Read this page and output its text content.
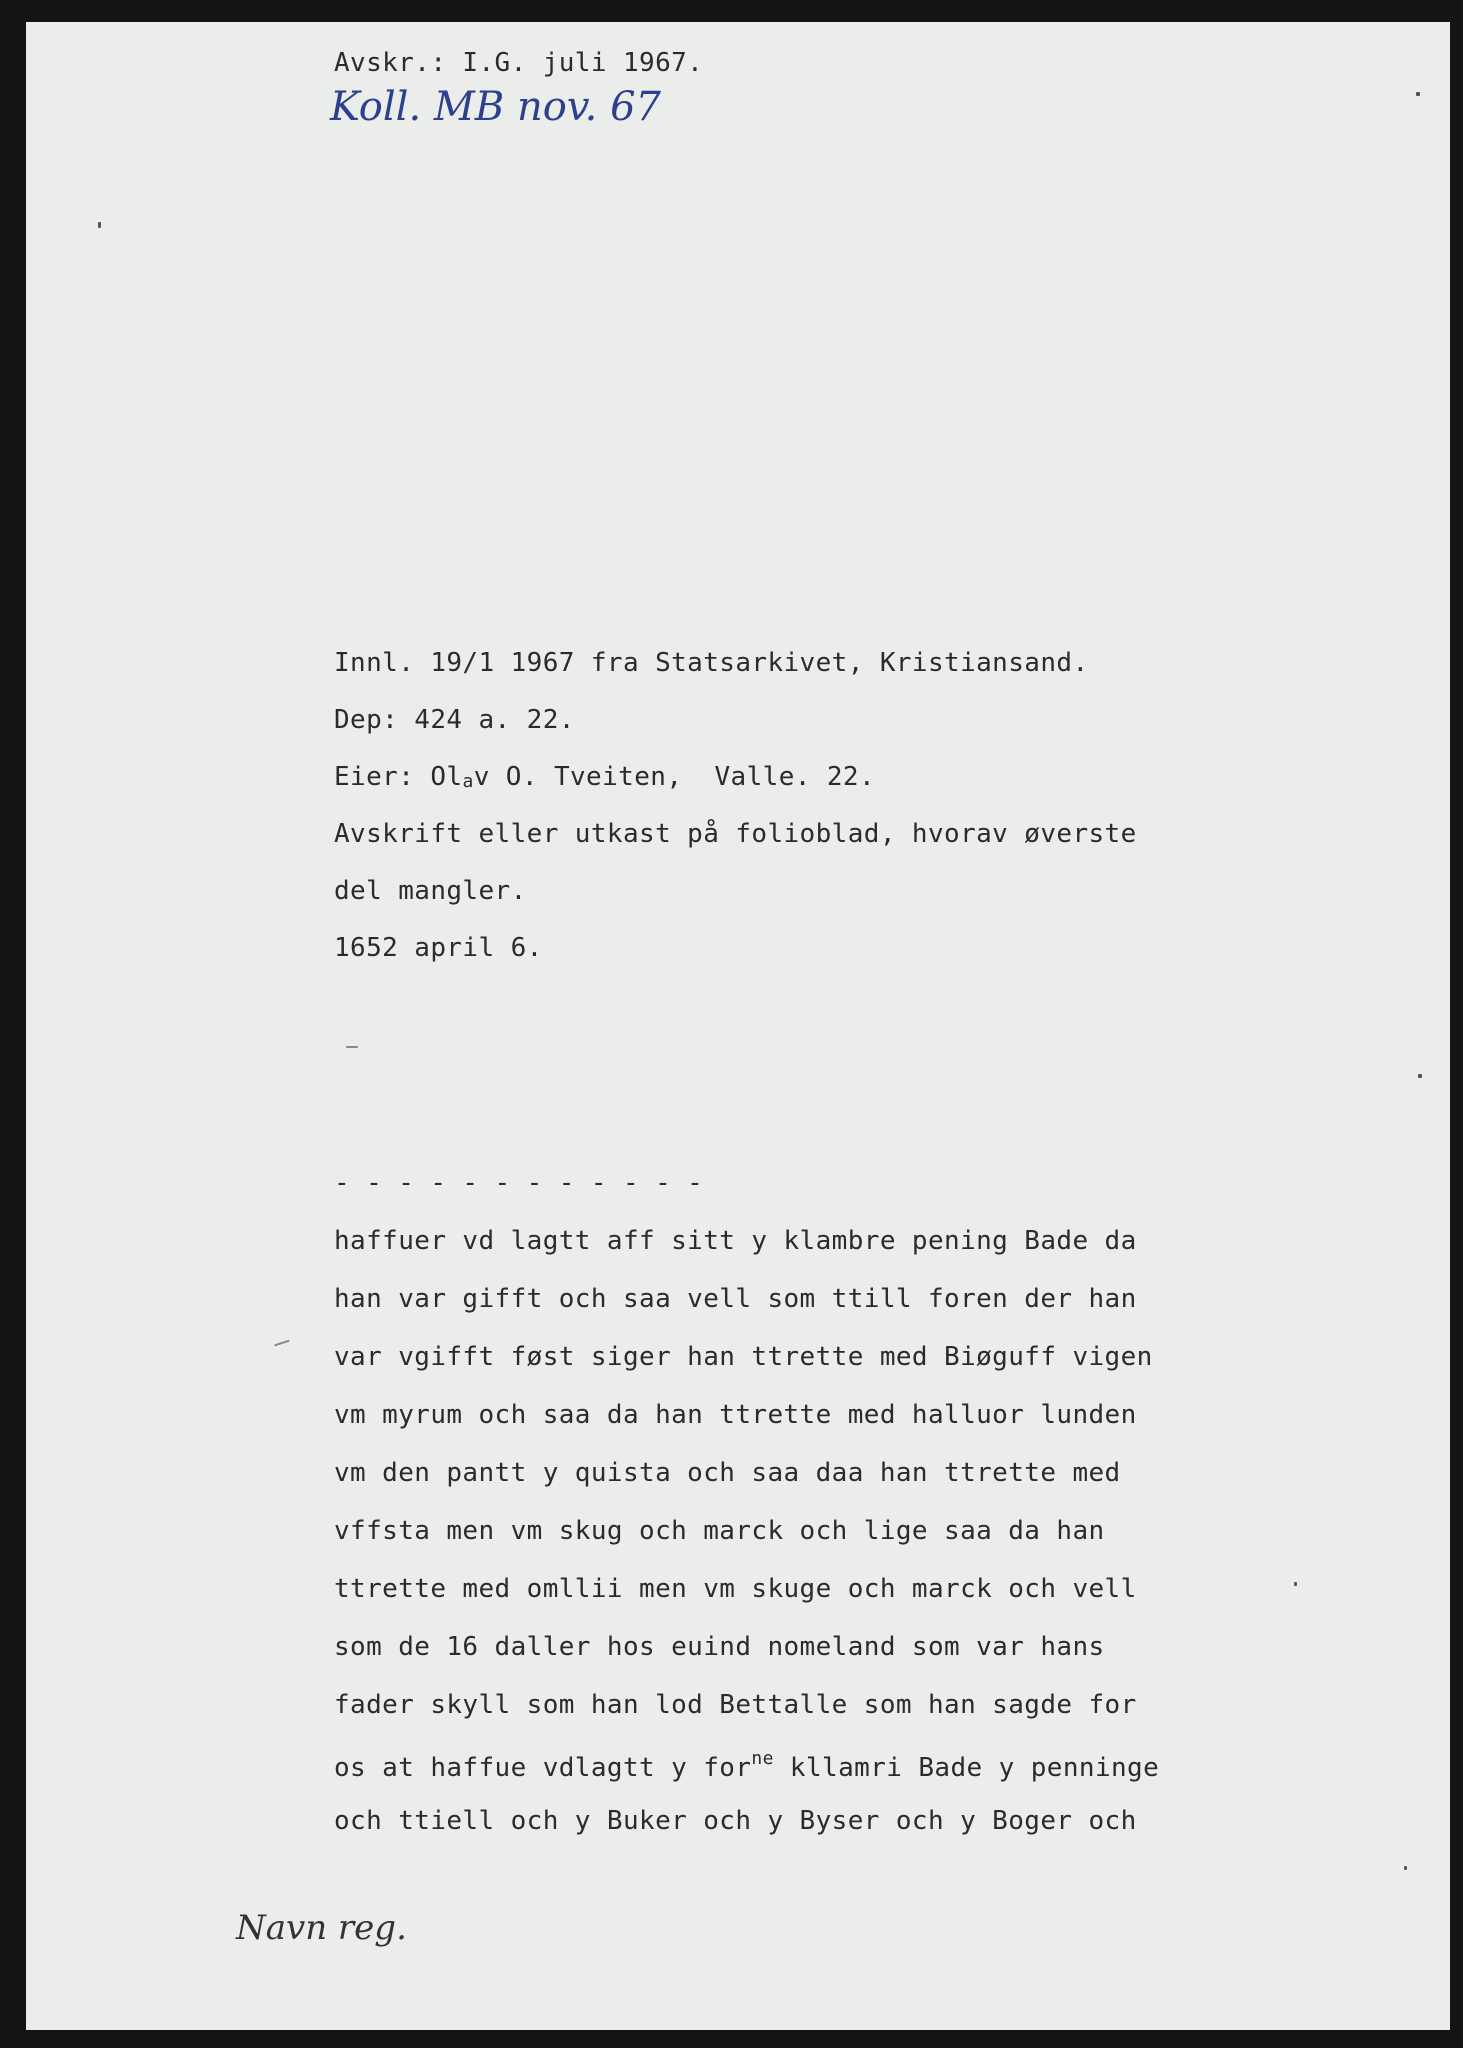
Avskr.: I.G. juli 1967.
Koll. MB nov. 67
Innl. 19/1 1967 fra Statsarkivet, Kristiansand.
Dep: 424 a. 22.
Eier: Olav O. Tveiten,  Valle. 22.
Avskrift eller utkast på folioblad, hvorav øverste
del mangler.
1652 april 6.
- - - - - - - - - - - -
haffuer vd lagtt aff sitt y klambre pening Bade da
han var gifft och saa vell som ttill foren der han
var vgifft føst siger han ttrette med Biøguff vigen
vm myrum och saa da han ttrette med halluor lunden
vm den pantt y quista och saa daa han ttrette med
vffsta men vm skug och marck och lige saa da han
ttrette med omllii men vm skuge och marck och vell
som de 16 daller hos euind nomeland som var hans
fader skyll som han lod Bettalle som han sagde for
os at haffue vdlagtt y for$^{ne}$ kllamri Bade y penninge
och ttiell och y Buker och y Byser och y Boger och
Navn reg.
